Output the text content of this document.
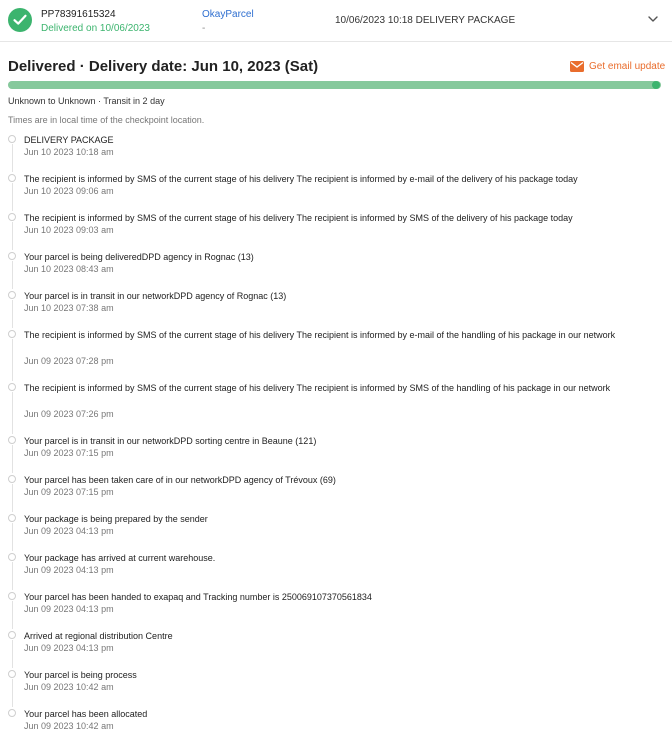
PP78391615324
Delivered on 10/06/2023
OkayParcel
-
10/06/2023 10:18 DELIVERY PACKAGE
Delivered · Delivery date: Jun 10, 2023 (Sat)	Get email update
Unknown to Unknown · Transit in 2 day
Times are in local time of the checkpoint location.
DELIVERY PACKAGE
Jun 10 2023 10:18 am
The recipient is informed by SMS of the current stage of his delivery The recipient is informed by e-mail of the delivery of his package today
Jun 10 2023 09:06 am
The recipient is informed by SMS of the current stage of his delivery The recipient is informed by SMS of the delivery of his package today
Jun 10 2023 09:03 am
Your parcel is being deliveredDPD agency in Rognac (13)
Jun 10 2023 08:43 am
Your parcel is in transit in our networkDPD agency of Rognac (13)
Jun 10 2023 07:38 am
The recipient is informed by SMS of the current stage of his delivery The recipient is informed by e-mail of the handling of his package in our network
Jun 09 2023 07:28 pm
The recipient is informed by SMS of the current stage of his delivery The recipient is informed by SMS of the handling of his package in our network
Jun 09 2023 07:26 pm
Your parcel is in transit in our networkDPD sorting centre in Beaune (121)
Jun 09 2023 07:15 pm
Your parcel has been taken care of in our networkDPD agency of Trévoux (69)
Jun 09 2023 07:15 pm
Your package is being prepared by the sender
Jun 09 2023 04:13 pm
Your package has arrived at current warehouse.
Jun 09 2023 04:13 pm
Your parcel has been handed to exapaq and Tracking number is 250069107370561834
Jun 09 2023 04:13 pm
Arrived at regional distribution Centre
Jun 09 2023 04:13 pm
Your parcel is being process
Jun 09 2023 10:42 am
Your parcel has been allocated
Jun 09 2023 10:42 am
